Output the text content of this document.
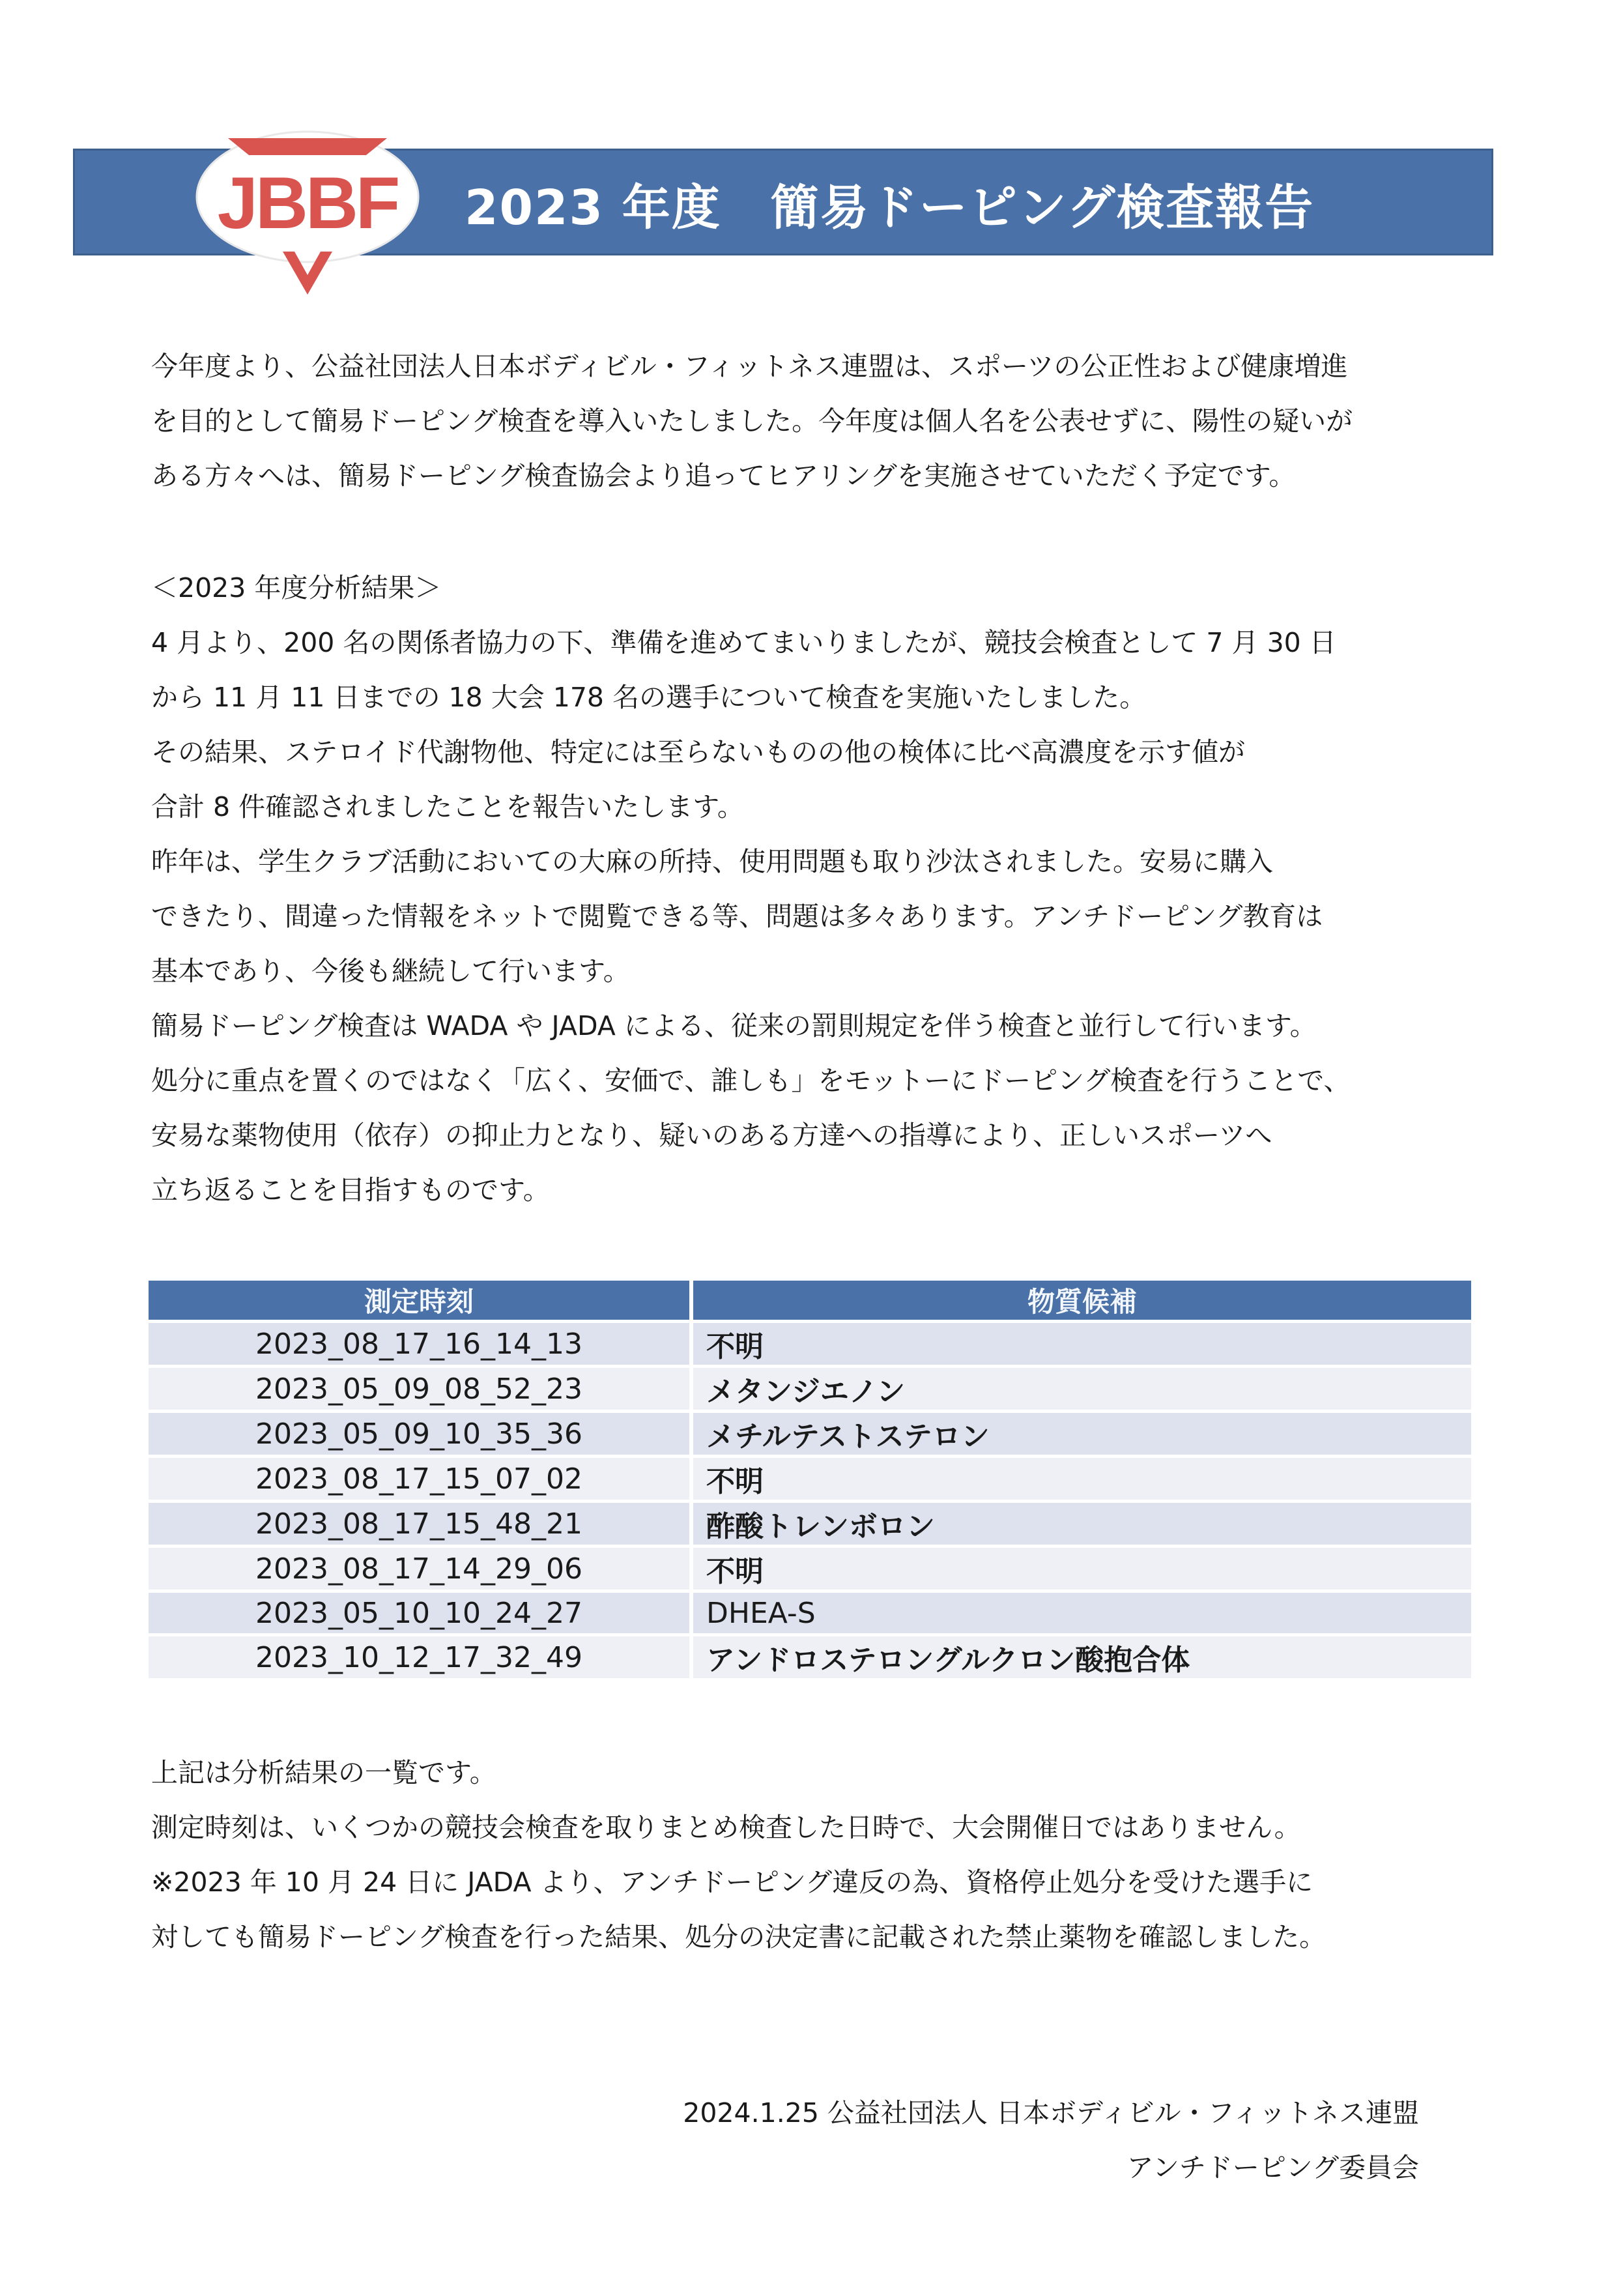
2023 年度　簡易ドーピング検査報告
JBBF

今年度より、公益社団法人日本ボディビル・フィットネス連盟は、スポーツの公正性および健康増進

を目的として簡易ドーピング検査を導入いたしました。今年度は個人名を公表せずに、陽性の疑いが

ある方々へは、簡易ドーピング検査協会より追ってヒアリングを実施させていただく予定です。

＜2023 年度分析結果＞

4 月より、200 名の関係者協力の下、準備を進めてまいりましたが、競技会検査として 7 月 30 日

から 11 月 11 日までの 18 大会 178 名の選手について検査を実施いたしました。

その結果、ステロイド代謝物他、特定には至らないものの他の検体に比べ高濃度を示す値が

合計 8 件確認されましたことを報告いたします。

昨年は、学生クラブ活動においての大麻の所持、使用問題も取り沙汰されました。安易に購入

できたり、間違った情報をネットで閲覧できる等、問題は多々あります。アンチドーピング教育は

基本であり、今後も継続して行います。

簡易ドーピング検査は WADA や JADA による、従来の罰則規定を伴う検査と並行して行います。

処分に重点を置くのではなく「広く、安価で、誰しも」をモットーにドーピング検査を行うことで、

安易な薬物使用（依存）の抑止力となり、疑いのある方達への指導により、正しいスポーツへ

立ち返ることを目指すものです。

測定時刻	物質候補
2023_08_17_16_14_13	不明
2023_05_09_08_52_23	メタンジエノン
2023_05_09_10_35_36	メチルテストステロン
2023_08_17_15_07_02	不明
2023_08_17_15_48_21	酢酸トレンボロン
2023_08_17_14_29_06	不明
2023_05_10_10_24_27	DHEA-S
2023_10_12_17_32_49	アンドロステロングルクロン酸抱合体

上記は分析結果の一覧です。

測定時刻は、いくつかの競技会検査を取りまとめ検査した日時で、大会開催日ではありません。

※2023 年 10 月 24 日に JADA より、アンチドーピング違反の為、資格停止処分を受けた選手に

対しても簡易ドーピング検査を行った結果、処分の決定書に記載された禁止薬物を確認しました。

2024.1.25 公益社団法人 日本ボディビル・フィットネス連盟

アンチドーピング委員会
